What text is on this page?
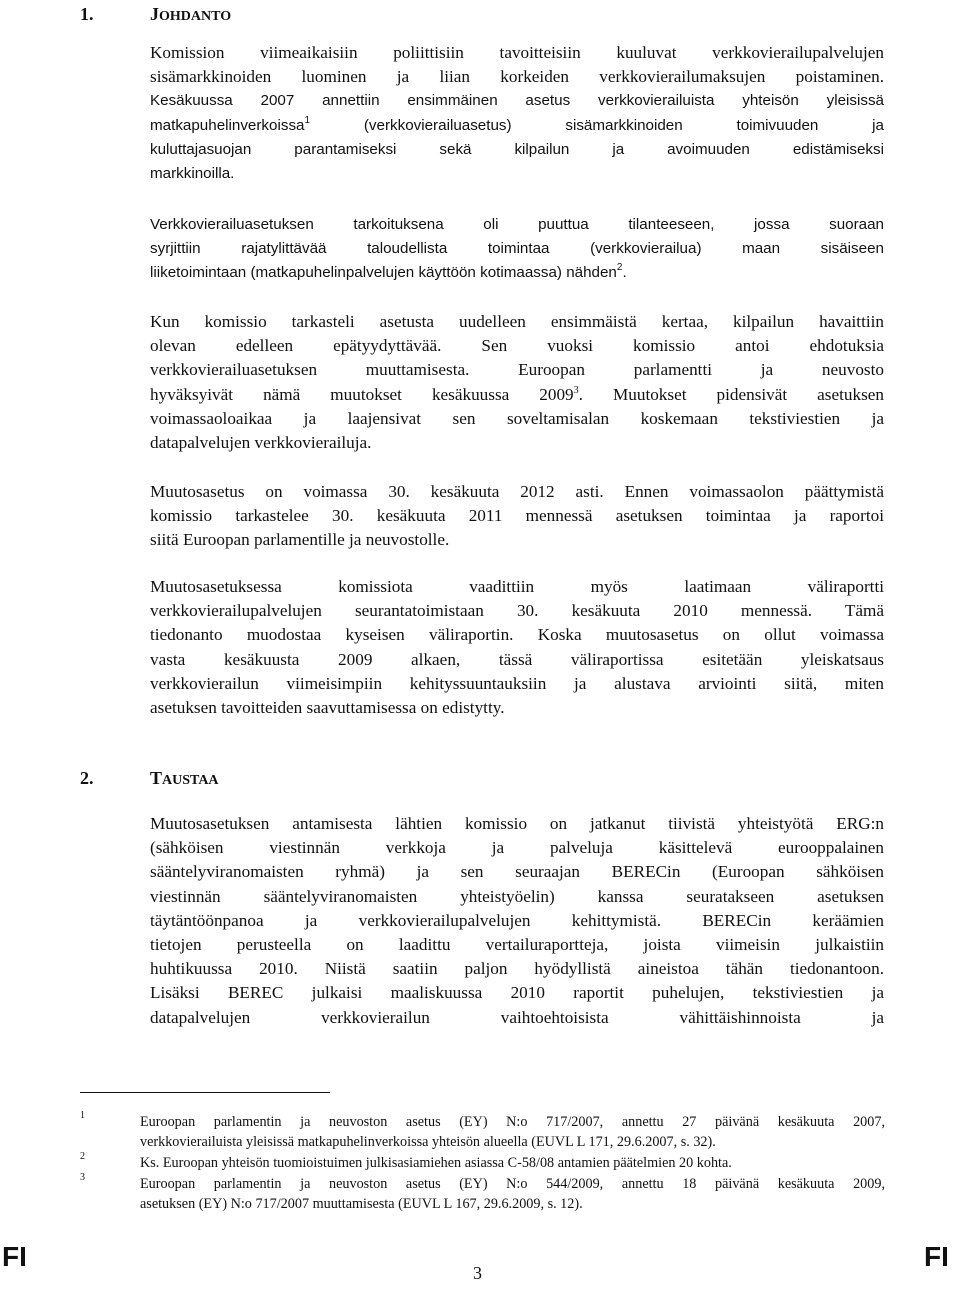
1.	JOHDANTO
Komission viimeaikaisiin poliittisiin tavoitteisiin kuuluvat verkkovierailupalvelujen
sisämarkkinoiden luominen ja liian korkeiden verkkovierailumaksujen poistaminen.
Kesäkuussa 2007 annettiin ensimmäinen asetus verkkovierailuista yhteisön yleisissä
matkapuhelinverkoissa$^1$ (verkkovierailuasetus) sisämarkkinoiden toimivuuden ja
kuluttajasuojan parantamiseksi sekä kilpailun ja avoimuuden edistämiseksi
markkinoilla.
Verkkovierailuasetuksen tarkoituksena oli puuttua tilanteeseen, jossa suoraan
syrjittiin rajatylittävää taloudellista toimintaa (verkkovierailua) maan sisäiseen
liiketoimintaan (matkapuhelinpalvelujen käyttöön kotimaassa) nähden$^2$.
Kun komissio tarkasteli asetusta uudelleen ensimmäistä kertaa, kilpailun havaittiin
olevan edelleen epätyydyttävää. Sen vuoksi komissio antoi ehdotuksia
verkkovierailuasetuksen muuttamisesta. Euroopan parlamentti ja neuvosto
hyväksyivät nämä muutokset kesäkuussa 2009$^3$. Muutokset pidensivät asetuksen
voimassaoloaikaa ja laajensivat sen soveltamisalan koskemaan tekstiviestien ja
datapalvelujen verkkovierailuja.
Muutosasetus on voimassa 30. kesäkuuta 2012 asti. Ennen voimassaolon päättymistä
komissio tarkastelee 30. kesäkuuta 2011 mennessä asetuksen toimintaa ja raportoi
siitä Euroopan parlamentille ja neuvostolle.
Muutosasetuksessa komissiota vaadittiin myös laatimaan väliraportti
verkkovierailupalvelujen seurantatoimistaan 30. kesäkuuta 2010 mennessä. Tämä
tiedonanto muodostaa kyseisen väliraportin. Koska muutosasetus on ollut voimassa
vasta kesäkuusta 2009 alkaen, tässä väliraportissa esitetään yleiskatsaus
verkkovierailun viimeisimpiin kehityssuuntauksiin ja alustava arviointi siitä, miten
asetuksen tavoitteiden saavuttamisessa on edistytty.
2.	TAUSTAA
Muutosasetuksen antamisesta lähtien komissio on jatkanut tiivistä yhteistyötä ERG:n
(sähköisen viestinnän verkkoja ja palveluja käsittelevä eurooppalainen
sääntelyviranomaisten ryhmä) ja sen seuraajan BERECin (Euroopan sähköisen
viestinnän sääntelyviranomaisten yhteistyöelin) kanssa seuratakseen asetuksen
täytäntöönpanoa ja verkkovierailupalvelujen kehittymistä. BERECin keräämien
tietojen perusteella on laadittu vertailuraportteja, joista viimeisin julkaistiin
huhtikuussa 2010. Niistä saatiin paljon hyödyllistä aineistoa tähän tiedonantoon.
Lisäksi BEREC julkaisi maaliskuussa 2010 raportit puhelujen, tekstiviestien ja
datapalvelujen verkkovierailun vaihtoehtoisista vähittäishinnoista ja
1	Euroopan parlamentin ja neuvoston asetus (EY) N:o 717/2007, annettu 27 päivänä kesäkuuta 2007,
verkkovierailuista yleisissä matkapuhelinverkoissa yhteisön alueella (EUVL L 171, 29.6.2007, s. 32).
2	Ks. Euroopan yhteisön tuomioistuimen julkisasiamiehen asiassa C-58/08 antamien päätelmien 20 kohta.
3	Euroopan parlamentin ja neuvoston asetus (EY) N:o 544/2009, annettu 18 päivänä kesäkuuta 2009,
asetuksen (EY) N:o 717/2007 muuttamisesta (EUVL L 167, 29.6.2009, s. 12).
FI
3
FI
